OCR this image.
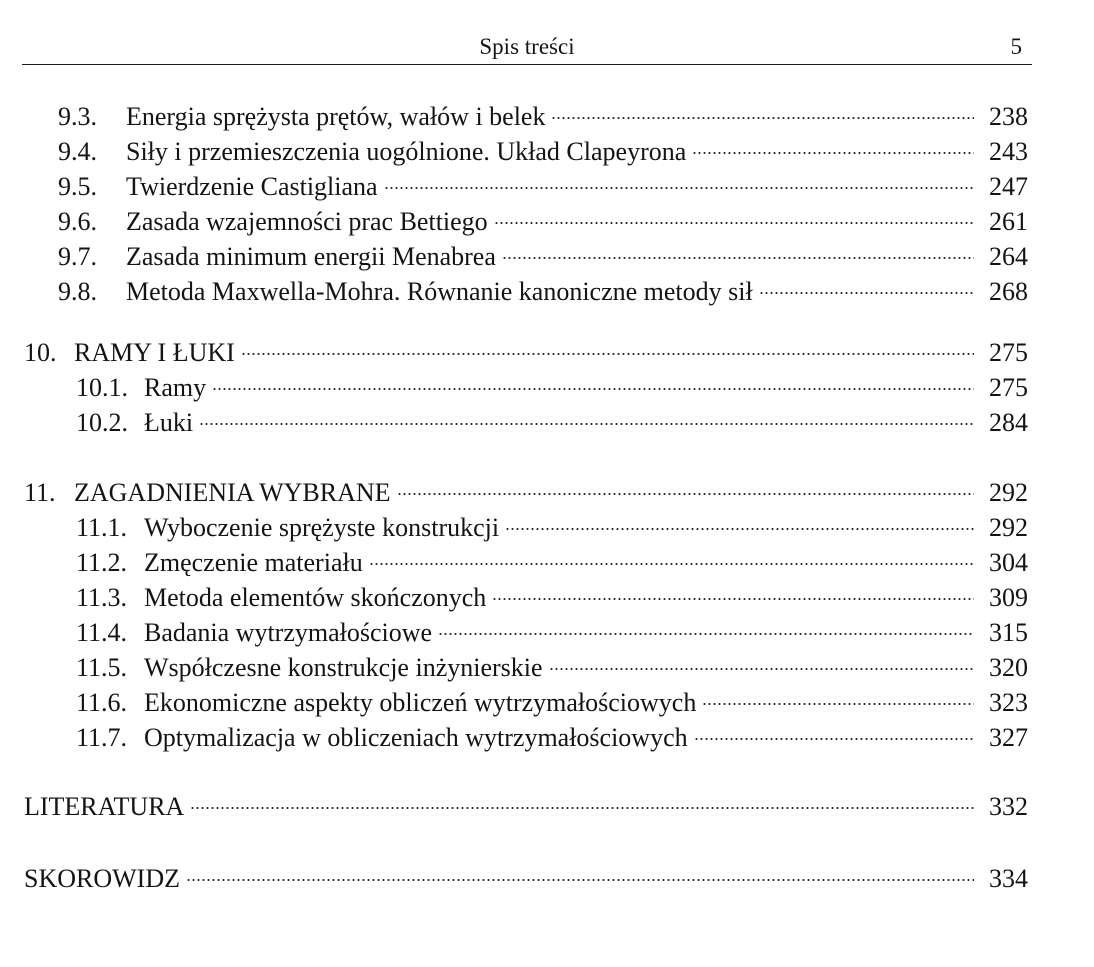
Spis treści	5
9.3.	Energia sprężysta prętów, wałów i belek	238
9.4.	Siły i przemieszczenia uogólnione. Układ Clapeyrona	243
9.5.	Twierdzenie Castigliana	247
9.6.	Zasada wzajemności prac Bettiego	261
9.7.	Zasada minimum energii Menabrea	264
9.8.	Metoda Maxwella-Mohra. Równanie kanoniczne metody sił	268
10. RAMY I ŁUKI	275
10.1. Ramy	275
10.2. Łuki	284
11. ZAGADNIENIA WYBRANE	292
11.1. Wyboczenie sprężyste konstrukcji	292
11.2. Zmęczenie materiału	304
11.3. Metoda elementów skończonych	309
11.4. Badania wytrzymałościowe	315
11.5. Współczesne konstrukcje inżynierskie	320
11.6. Ekonomiczne aspekty obliczeń wytrzymałościowych	323
11.7. Optymalizacja w obliczeniach wytrzymałościowych	327
LITERATURA	332
SKOROWIDZ	334
